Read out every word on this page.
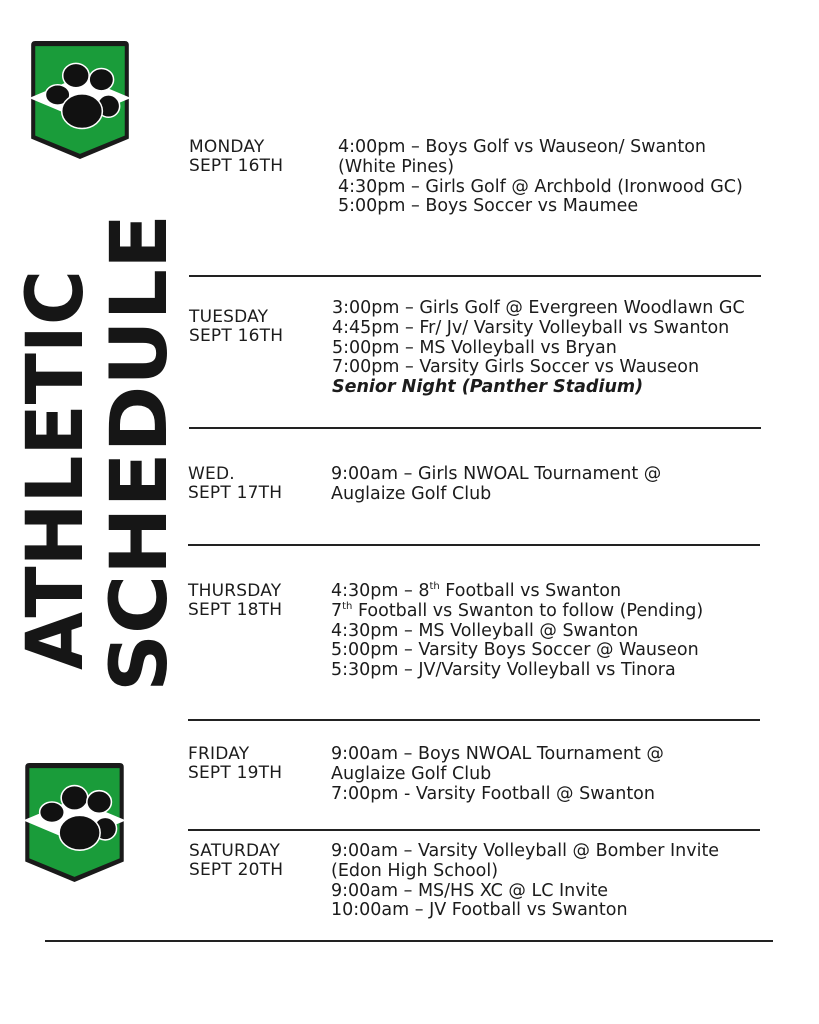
ATHLETIC
SCHEDULE
MONDAY
SEPT 16TH
4:00pm – Boys Golf vs Wauseon/ Swanton (White Pines)
4:30pm – Girls Golf @ Archbold (Ironwood GC)
5:00pm – Boys Soccer vs Maumee
TUESDAY
SEPT 16TH
3:00pm – Girls Golf @ Evergreen Woodlawn GC
4:45pm – Fr/ Jv/ Varsity Volleyball vs Swanton
5:00pm – MS Volleyball vs Bryan
7:00pm – Varsity Girls Soccer vs Wauseon
Senior Night (Panther Stadium)
WED.
SEPT 17TH
9:00am – Girls NWOAL Tournament @ Auglaize Golf Club
THURSDAY
SEPT 18TH
4:30pm – 8th Football vs Swanton
7th Football vs Swanton to follow (Pending)
4:30pm – MS Volleyball @ Swanton
5:00pm – Varsity Boys Soccer @ Wauseon
5:30pm – JV/Varsity Volleyball vs Tinora
FRIDAY
SEPT 19TH
9:00am – Boys NWOAL Tournament @ Auglaize Golf Club
7:00pm - Varsity Football @ Swanton
SATURDAY
SEPT 20TH
9:00am – Varsity Volleyball @ Bomber Invite (Edon High School)
9:00am – MS/HS XC @ LC Invite
10:00am – JV Football vs Swanton
